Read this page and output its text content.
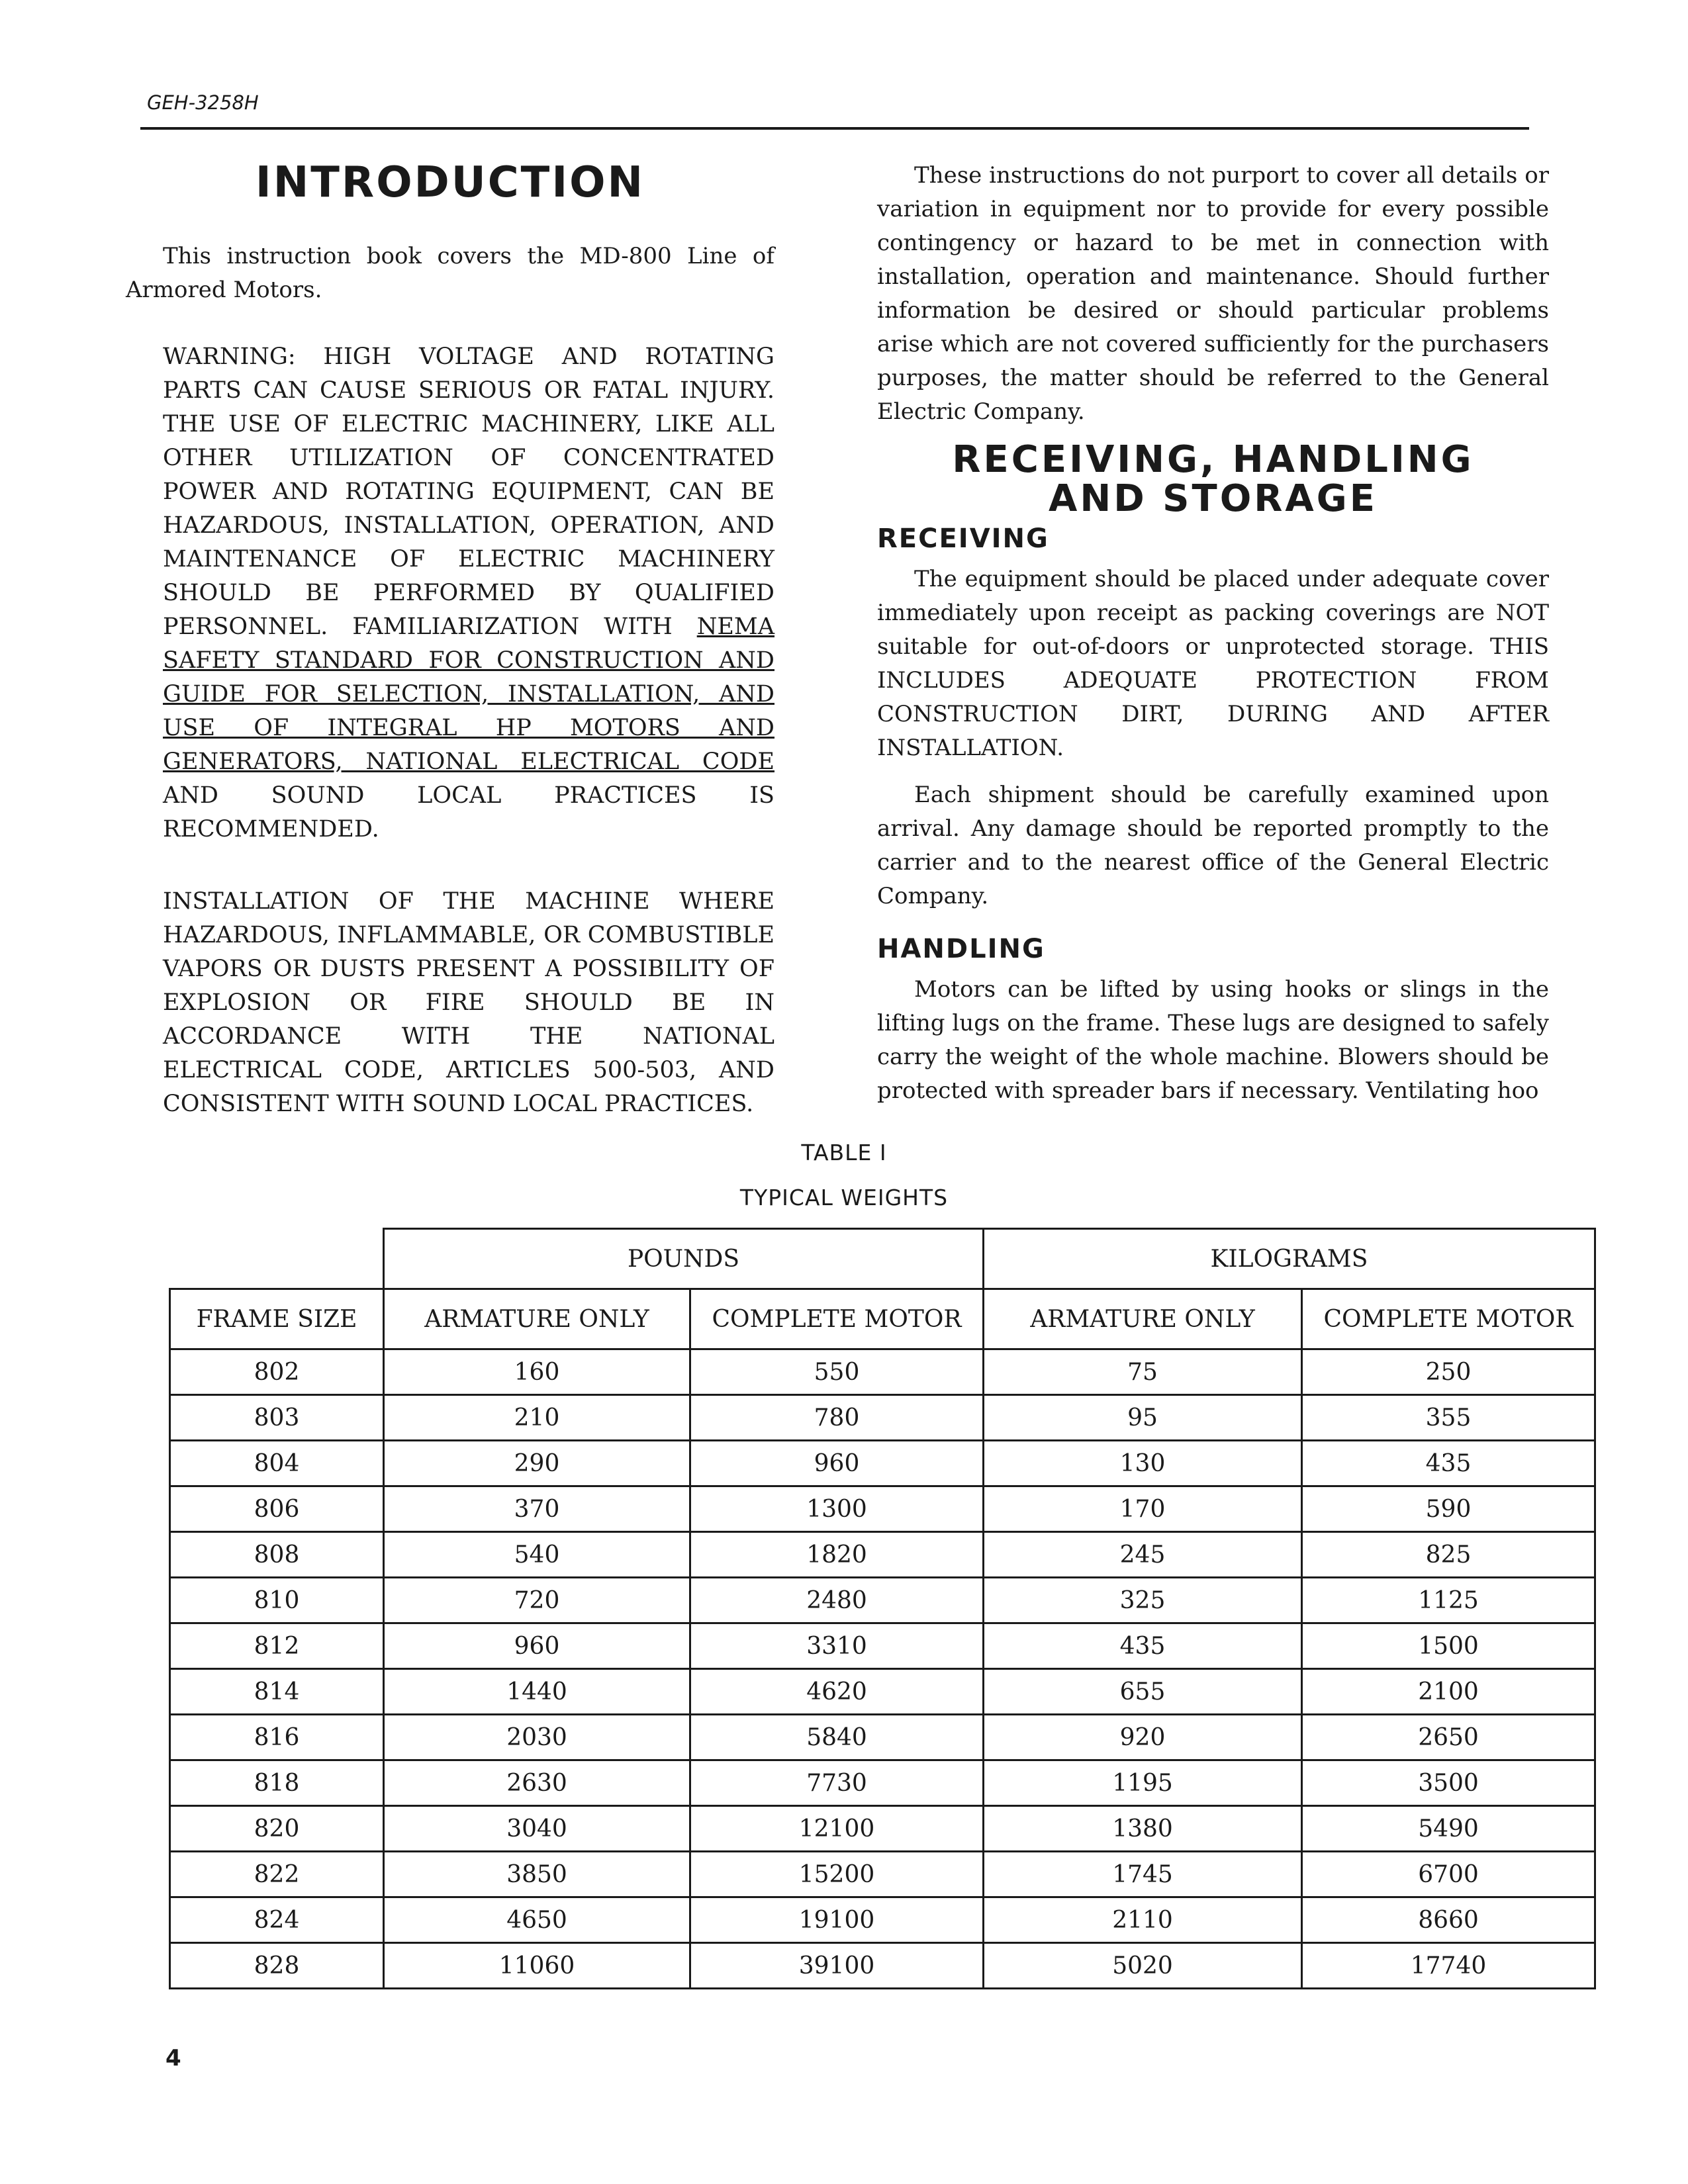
GEH-3258H
INTRODUCTION

This instruction book covers the MD-800 Line of Armored Motors.

WARNING: HIGH VOLTAGE AND ROTATING PARTS CAN CAUSE SERIOUS OR FATAL INJURY. THE USE OF ELECTRIC MACHINERY, LIKE ALL OTHER UTILIZATION OF CONCENTRATED POWER AND ROTATING EQUIPMENT, CAN BE HAZARDOUS, INSTALLATION, OPERATION, AND MAINTENANCE OF ELECTRIC MACHINERY SHOULD BE PERFORMED BY QUALIFIED PERSONNEL. FAMILIARIZATION WITH NEMA SAFETY STANDARD FOR CONSTRUCTION AND GUIDE FOR SELECTION, INSTALLATION, AND USE OF INTEGRAL HP MOTORS AND GENERATORS, NATIONAL ELECTRICAL CODE AND SOUND LOCAL PRACTICES IS RECOMMENDED.

INSTALLATION OF THE MACHINE WHERE HAZARDOUS, INFLAMMABLE, OR COMBUSTIBLE VAPORS OR DUSTS PRESENT A POSSIBILITY OF EXPLOSION OR FIRE SHOULD BE IN ACCORDANCE WITH THE NATIONAL ELECTRICAL CODE, ARTICLES 500-503, AND CONSISTENT WITH SOUND LOCAL PRACTICES.

These instructions do not purport to cover all details or variation in equipment nor to provide for every possible contingency or hazard to be met in connection with installation, operation and maintenance. Should further information be desired or should particular problems arise which are not covered sufficiently for the purchasers purposes, the matter should be referred to the General Electric Company.

RECEIVING, HANDLING
AND STORAGE
RECEIVING

The equipment should be placed under adequate cover immediately upon receipt as packing coverings are NOT suitable for out-of-doors or unprotected storage. THIS INCLUDES ADEQUATE PROTECTION FROM CONSTRUCTION DIRT, DURING AND AFTER INSTALLATION.

Each shipment should be carefully examined upon arrival. Any damage should be reported promptly to the carrier and to the nearest office of the General Electric Company.

HANDLING

Motors can be lifted by using hooks or slings in the lifting lugs on the frame. These lugs are designed to safely carry the weight of the whole machine. Blowers should be protected with spreader bars if necessary. Ventilating hoo

TABLE I
TYPICAL WEIGHTS
	POUNDS		KILOGRAMS	
FRAME SIZE	ARMATURE ONLY	COMPLETE MOTOR	ARMATURE ONLY	COMPLETE MOTOR
802	160	550	75	250
803	210	780	95	355
804	290	960	130	435
806	370	1300	170	590
808	540	1820	245	825
810	720	2480	325	1125
812	960	3310	435	1500
814	1440	4620	655	2100
816	2030	5840	920	2650
818	2630	7730	1195	3500
820	3040	12100	1380	5490
822	3850	15200	1745	6700
824	4650	19100	2110	8660
828	11060	39100	5020	17740
4
